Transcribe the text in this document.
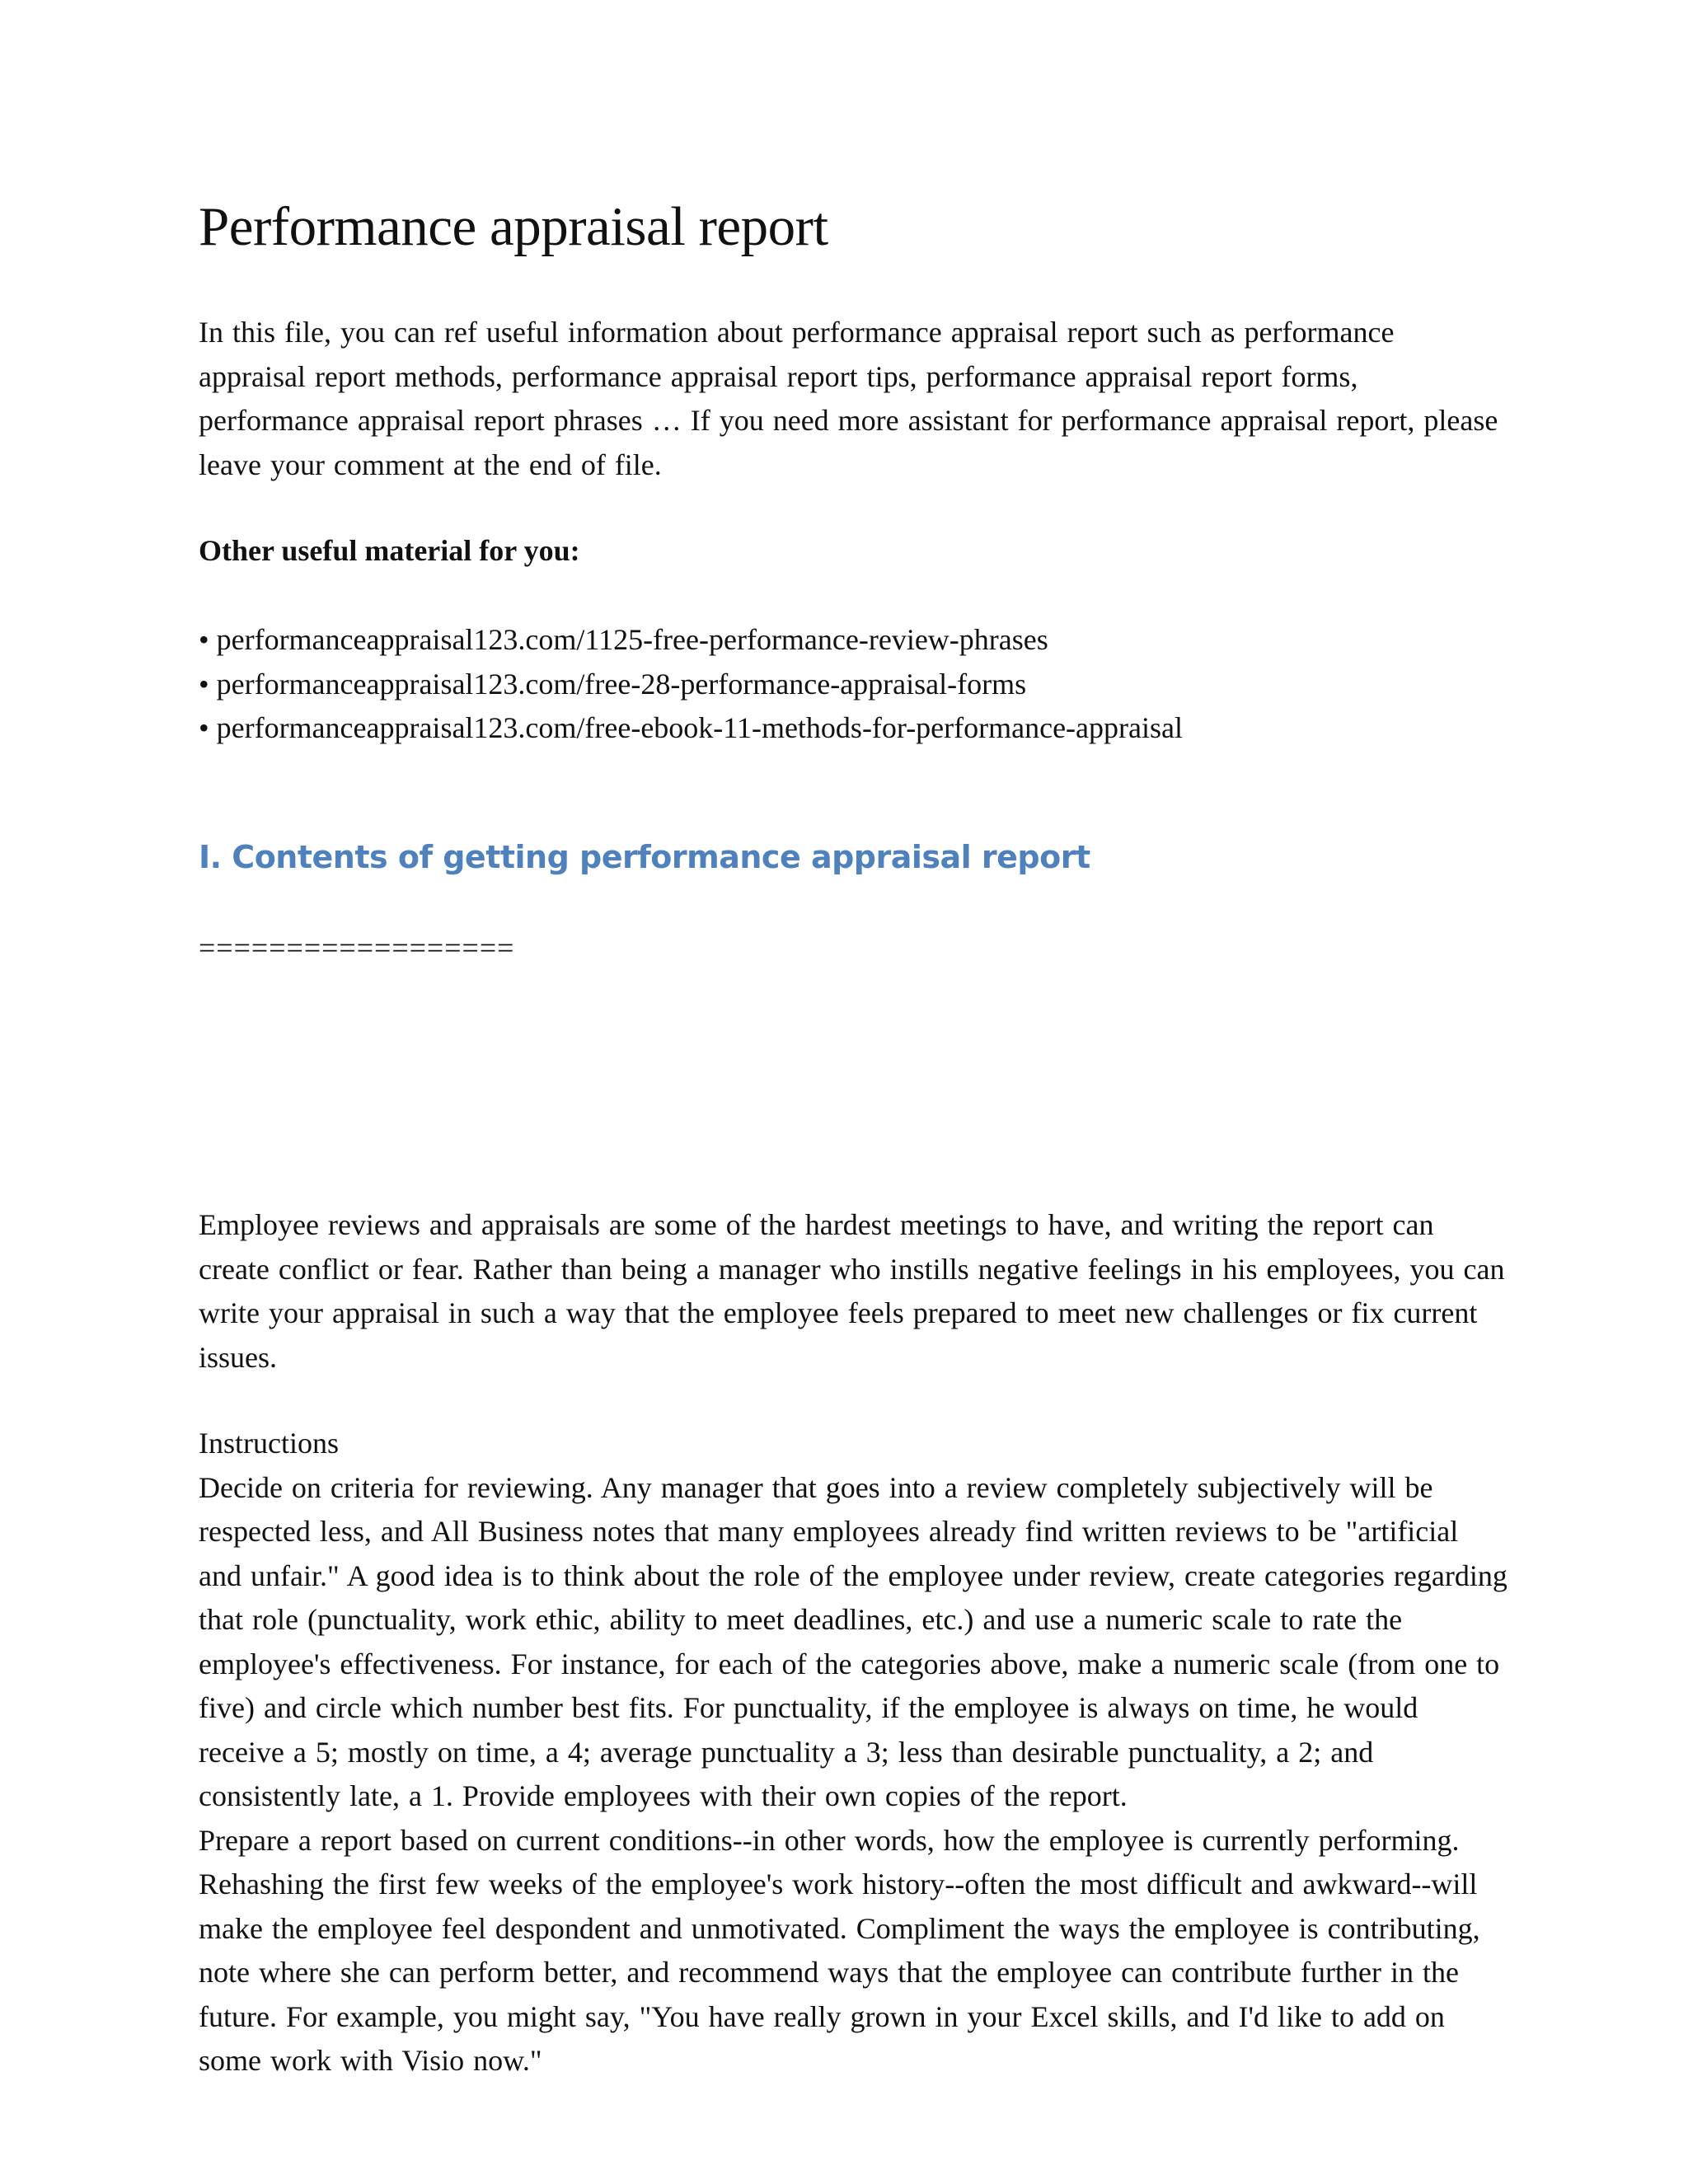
Performance appraisal report

In this file, you can ref useful information about performance appraisal report such as performance appraisal report methods, performance appraisal report tips, performance appraisal report forms, performance appraisal report phrases … If you need more assistant for performance appraisal report, please leave your comment at the end of file.

Other useful material for you:

• performanceappraisal123.com/1125-free-performance-review-phrases
• performanceappraisal123.com/free-28-performance-appraisal-forms
• performanceappraisal123.com/free-ebook-11-methods-for-performance-appraisal
I. Contents of getting performance appraisal report

==================

Employee reviews and appraisals are some of the hardest meetings to have, and writing the report can create conflict or fear. Rather than being a manager who instills negative feelings in his employees, you can write your appraisal in such a way that the employee feels prepared to meet new challenges or fix current issues.

Instructions

Decide on criteria for reviewing. Any manager that goes into a review completely subjectively will be respected less, and All Business notes that many employees already find written reviews to be "artificial and unfair." A good idea is to think about the role of the employee under review, create categories regarding that role (punctuality, work ethic, ability to meet deadlines, etc.) and use a numeric scale to rate the employee's effectiveness. For instance, for each of the categories above, make a numeric scale (from one to five) and circle which number best fits. For punctuality, if the employee is always on time, he would receive a 5; mostly on time, a 4; average punctuality a 3; less than desirable punctuality, a 2; and consistently late, a 1. Provide employees with their own copies of the report.

Prepare a report based on current conditions--in other words, how the employee is currently performing. Rehashing the first few weeks of the employee's work history--often the most difficult and awkward--will make the employee feel despondent and unmotivated. Compliment the ways the employee is contributing, note where she can perform better, and recommend ways that the employee can contribute further in the future. For example, you might say, "You have really grown in your Excel skills, and I'd like to add on some work with Visio now."
